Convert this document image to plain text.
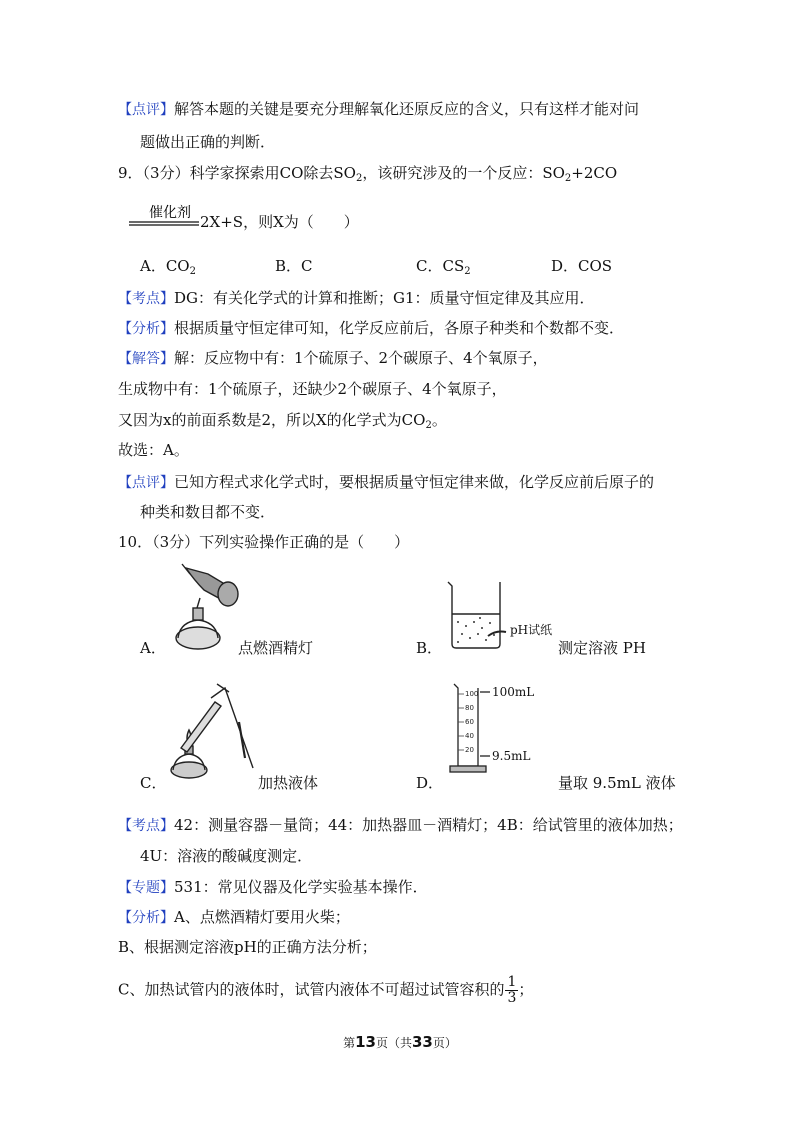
【点评】解答本题的关键是要充分理解氧化还原反应的含义，只有这样才能对问
题做出正确的判断．
9．（3分）科学家探索用CO除去$SO_2$，该研究涉及的一个反应：$SO_2+2CO$
催化剂 2X+S，则X为（　　）
A．$CO_2$	B．C	C．$CS_2$	D．COS
【考点】DG：有关化学式的计算和推断；G1：质量守恒定律及其应用．
【分析】根据质量守恒定律可知，化学反应前后，各原子种类和个数都不变．
【解答】解：反应物中有：1个硫原子、2个碳原子、4个氧原子，
生成物中有：1个硫原子，还缺少2个碳原子、4个氧原子，
又因为x的前面系数是2，所以X的化学式为$CO_2$。
故选：A。
【点评】已知方程式求化学式时，要根据质量守恒定律来做，化学反应前后原子的
种类和数目都不变．
10．（3分）下列实验操作正确的是（　　）
A．	点燃酒精灯
pH试纸
B．	测定溶液 PH
C．	加热液体
100
80
60
40
20
100mL
9.5mL
D．	量取 9.5mL 液体
【考点】42：测量容器－量筒；44：加热器皿－酒精灯；4B：给试管里的液体加热；
4U：溶液的酸碱度测定．
【专题】531：常见仪器及化学实验基本操作．
【分析】A、点燃酒精灯要用火柴；
B、根据测定溶液pH的正确方法分析；
C、加热试管内的液体时，试管内液体不可超过试管容积的 $\frac{1}{3}$ ；
第13页（共33页）
